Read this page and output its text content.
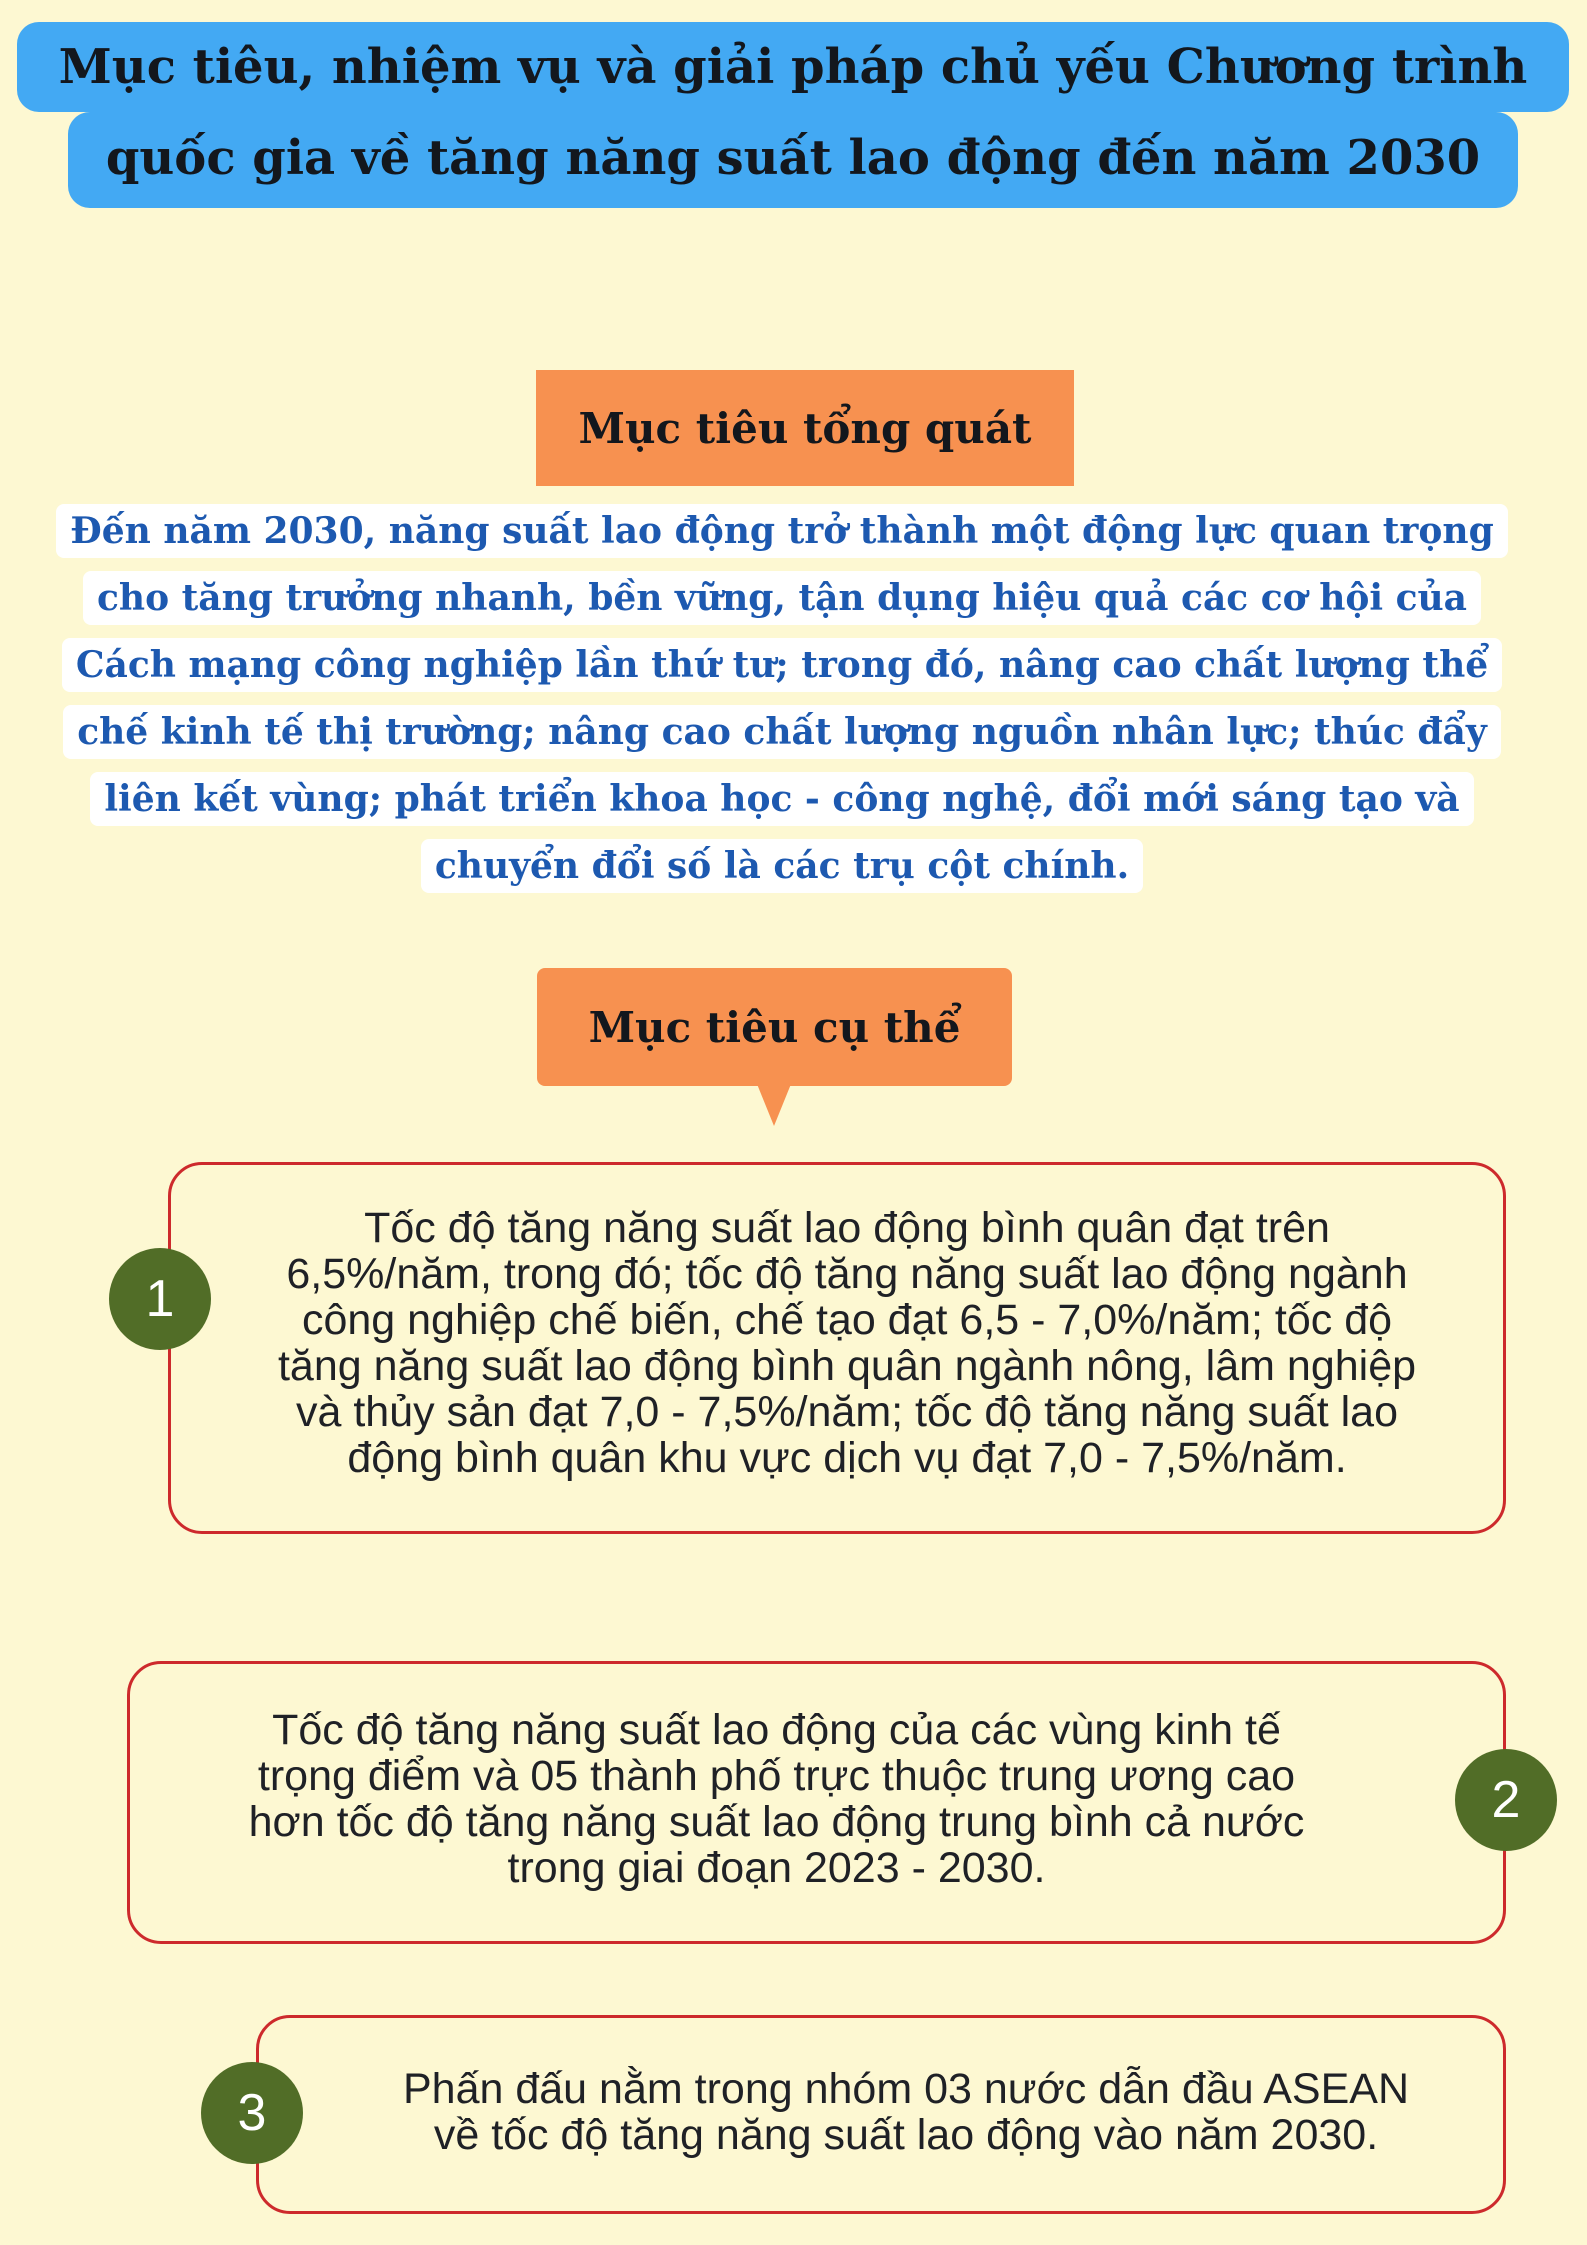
Mục tiêu, nhiệm vụ và giải pháp chủ yếu Chương trình
quốc gia về tăng năng suất lao động đến năm 2030
Mục tiêu tổng quát
Đến năm 2030, năng suất lao động trở thành một động lực quan trọng
cho tăng trưởng nhanh, bền vững, tận dụng hiệu quả các cơ hội của
Cách mạng công nghiệp lần thứ tư; trong đó, nâng cao chất lượng thể
chế kinh tế thị trường; nâng cao chất lượng nguồn nhân lực; thúc đẩy
liên kết vùng; phát triển khoa học - công nghệ, đổi mới sáng tạo và
chuyển đổi số là các trụ cột chính.
Mục tiêu cụ thể
Tốc độ tăng năng suất lao động bình quân đạt trên
6,5%/năm, trong đó; tốc độ tăng năng suất lao động ngành
công nghiệp chế biến, chế tạo đạt 6,5 - 7,0%/năm; tốc độ
tăng năng suất lao động bình quân ngành nông, lâm nghiệp
và thủy sản đạt 7,0 - 7,5%/năm; tốc độ tăng năng suất lao
động bình quân khu vực dịch vụ đạt 7,0 - 7,5%/năm.
1
Tốc độ tăng năng suất lao động của các vùng kinh tế
trọng điểm và 05 thành phố trực thuộc trung ương cao
hơn tốc độ tăng năng suất lao động trung bình cả nước
trong giai đoạn 2023 - 2030.
2
Phấn đấu nằm trong nhóm 03 nước dẫn đầu ASEAN
về tốc độ tăng năng suất lao động vào năm 2030.
3
